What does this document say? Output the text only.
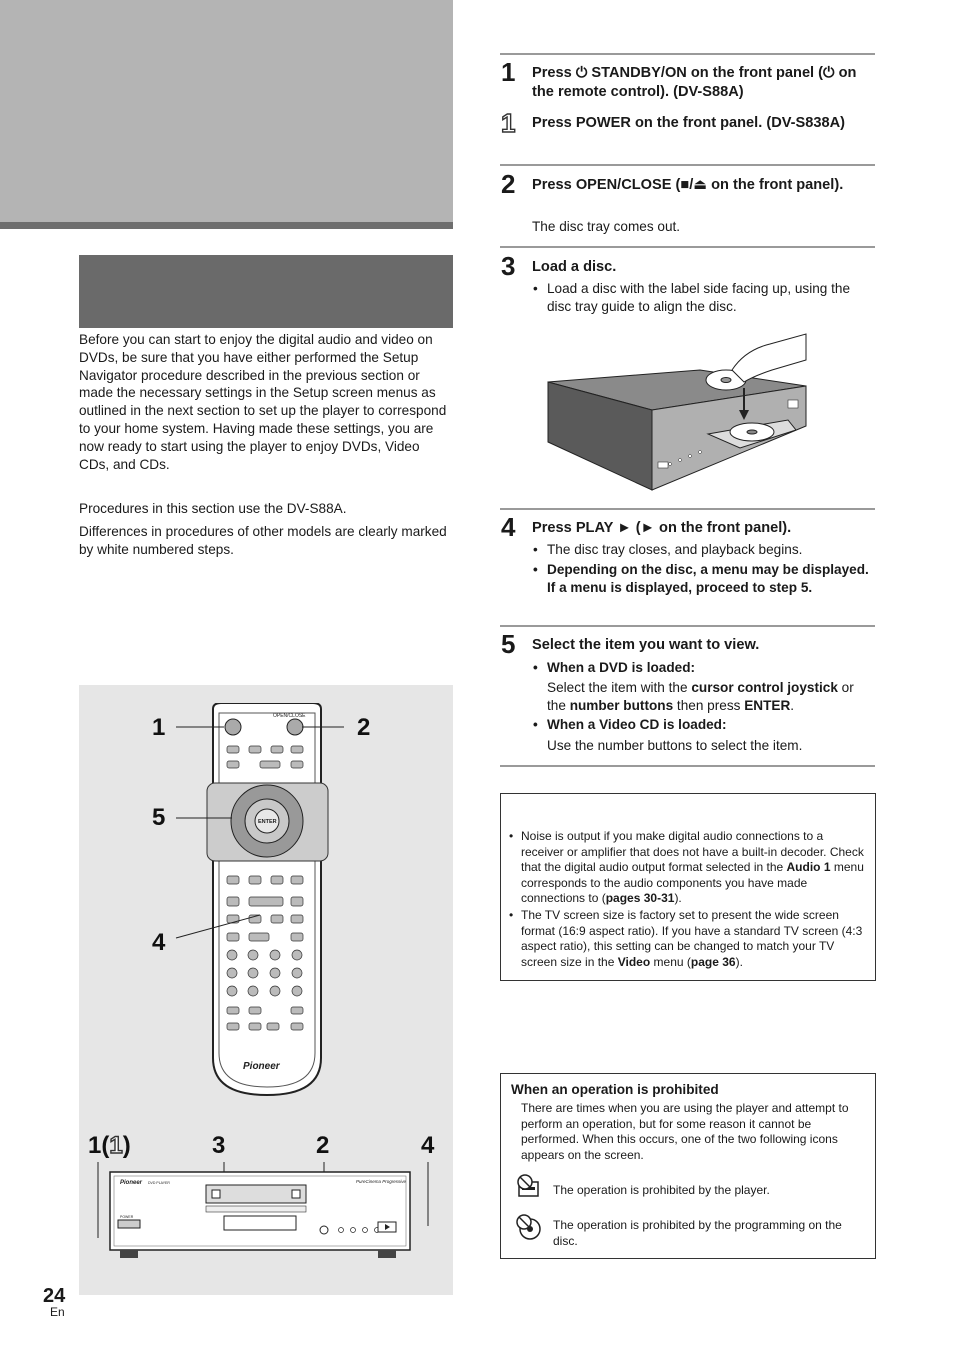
Before you can start to enjoy the digital audio and video on DVDs, be sure that you have either performed the Setup Navigator procedure described in the previous section or made the necessary settings in the Setup screen menus as outlined in the next section to set up the player to correspond to your home system. Having made these settings, you are now ready to start using the player to enjoy DVDs, Video CDs, and CDs.
Procedures in this section use the DV-S88A.
Differences in procedures of other models are clearly marked by white numbered steps.
OPEN/CLOSE
ENTER
Pioneer
1	2
5
4
1(1)	3	2	4
Pioneer DVD PLAYER	PureCinema Progressive
POWER
1 Press ⏻ STANDBY/ON on the front panel (⏻ on the remote control). (DV-S88A)
1 Press POWER on the front panel. (DV-S838A)
2 Press OPEN/CLOSE (■/⏏ on the front panel).
The disc tray comes out.
3 Load a disc.
• Load a disc with the label side facing up, using the disc tray guide to align the disc.
4 Press PLAY ► (► on the front panel).
• The disc tray closes, and playback begins.
• Depending on the disc, a menu may be displayed. If a menu is displayed, proceed to step 5.
5 Select the item you want to view.
• When a DVD is loaded:
Select the item with the cursor control joystick or the number buttons then press ENTER.
• When a Video CD is loaded:
Use the number buttons to select the item.
• Noise is output if you make digital audio connections to a receiver or amplifier that does not have a built-in decoder. Check that the digital audio output format selected in the Audio 1 menu corresponds to the audio components you have made connections to (pages 30-31).
• The TV screen size is factory set to present the wide screen format (16:9 aspect ratio). If you have a standard TV screen (4:3 aspect ratio), this setting can be changed to match your TV screen size in the Video menu (page 36).
When an operation is prohibited
There are times when you are using the player and attempt to perform an operation, but for some reason it cannot be performed. When this occurs, one of the two following icons appears on the screen.
The operation is prohibited by the player.
The operation is prohibited by the programming on the disc.
24
En
